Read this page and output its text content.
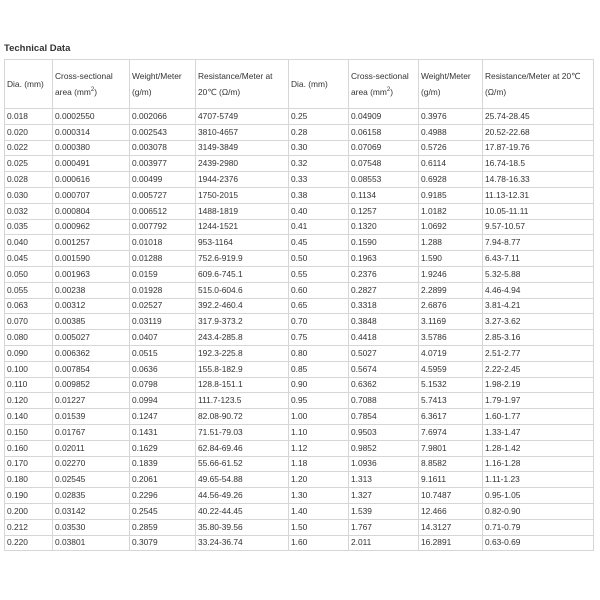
Technical Data
Dia. (mm)	Cross-sectional area $(mm^2)$	Weight/Meter (g/m)	Resistance/Meter at 20℃ (Ω/m)	Dia. (mm)	Cross-sectional area $(mm^2)$	Weight/Meter (g/m)	Resistance/Meter at 20℃ (Ω/m)
0.018	0.0002550	0.002066	4707-5749	0.25	0.04909	0.3976	25.74-28.45
0.020	0.000314	0.002543	3810-4657	0.28	0.06158	0.4988	20.52-22.68
0.022	0.000380	0.003078	3149-3849	0.30	0.07069	0.5726	17.87-19.76
0.025	0.000491	0.003977	2439-2980	0.32	0.07548	0.6114	16.74-18.5
0.028	0.000616	0.00499	1944-2376	0.33	0.08553	0.6928	14.78-16.33
0.030	0.000707	0.005727	1750-2015	0.38	0.1134	0.9185	11.13-12.31
0.032	0.000804	0.006512	1488-1819	0.40	0.1257	1.0182	10.05-11.11
0.035	0.000962	0.007792	1244-1521	0.41	0.1320	1.0692	9.57-10.57
0.040	0.001257	0.01018	953-1164	0.45	0.1590	1.288	7.94-8.77
0.045	0.001590	0.01288	752.6-919.9	0.50	0.1963	1.590	6.43-7.11
0.050	0.001963	0.0159	609.6-745.1	0.55	0.2376	1.9246	5.32-5.88
0.055	0.00238	0.01928	515.0-604.6	0.60	0.2827	2.2899	4.46-4.94
0.063	0.00312	0.02527	392.2-460.4	0.65	0.3318	2.6876	3.81-4.21
0.070	0.00385	0.03119	317.9-373.2	0.70	0.3848	3.1169	3.27-3.62
0.080	0.005027	0.0407	243.4-285.8	0.75	0.4418	3.5786	2.85-3.16
0.090	0.006362	0.0515	192.3-225.8	0.80	0.5027	4.0719	2.51-2.77
0.100	0.007854	0.0636	155.8-182.9	0.85	0.5674	4.5959	2.22-2.45
0.110	0.009852	0.0798	128.8-151.1	0.90	0.6362	5.1532	1.98-2.19
0.120	0.01227	0.0994	111.7-123.5	0.95	0.7088	5.7413	1.79-1.97
0.140	0.01539	0.1247	82.08-90.72	1.00	0.7854	6.3617	1.60-1.77
0.150	0.01767	0.1431	71.51-79.03	1.10	0.9503	7.6974	1.33-1.47
0.160	0.02011	0.1629	62.84-69.46	1.12	0.9852	7.9801	1.28-1.42
0.170	0.02270	0.1839	55.66-61.52	1.18	1.0936	8.8582	1.16-1.28
0.180	0.02545	0.2061	49.65-54.88	1.20	1.313	9.1611	1.11-1.23
0.190	0.02835	0.2296	44.56-49.26	1.30	1.327	10.7487	0.95-1.05
0.200	0.03142	0.2545	40.22-44.45	1.40	1.539	12.466	0.82-0.90
0.212	0.03530	0.2859	35.80-39.56	1.50	1.767	14.3127	0.71-0.79
0.220	0.03801	0.3079	33.24-36.74	1.60	2.011	16.2891	0.63-0.69
